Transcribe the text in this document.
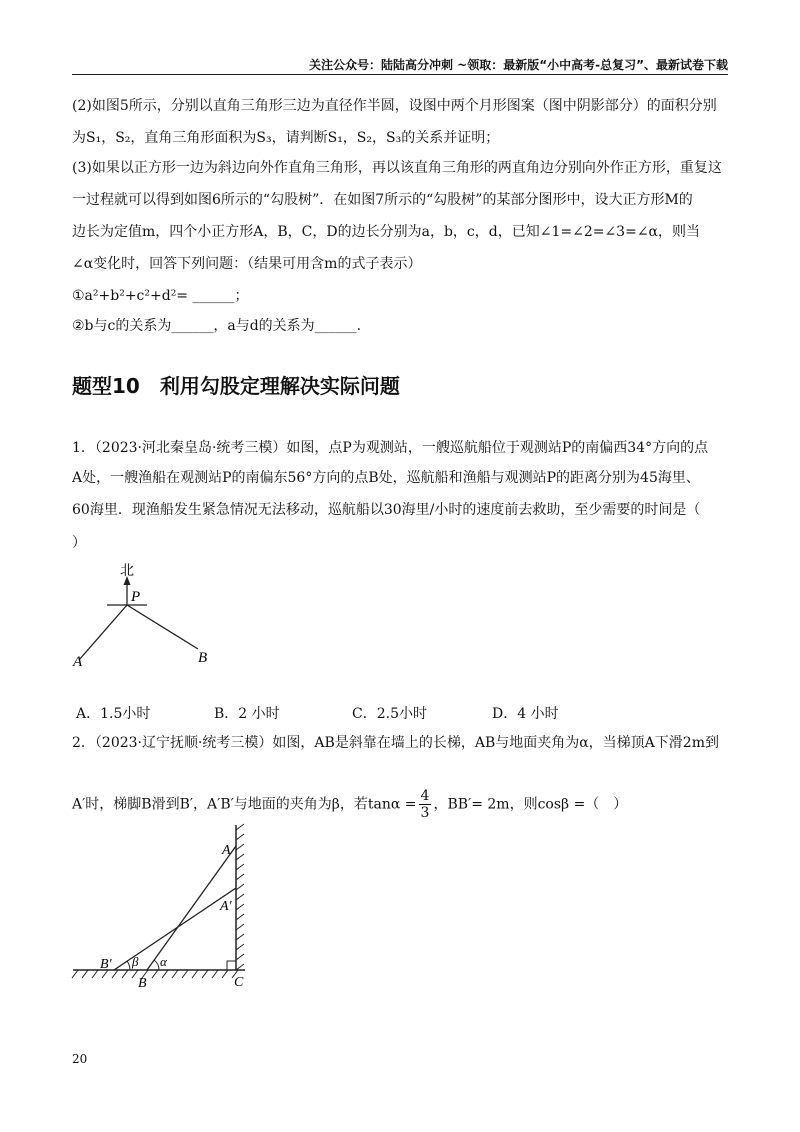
关注公众号：陆陆高分冲刺 ~领取：最新版“小中高考-总复习”、最新试卷下载
(2)如图5所示，分别以直角三角形三边为直径作半圆，设图中两个月形图案（图中阴影部分）的面积分别
为S₁，S₂，直角三角形面积为S₃，请判断S₁，S₂，S₃的关系并证明；
(3)如果以正方形一边为斜边向外作直角三角形，再以该直角三角形的两直角边分别向外作正方形，重复这
一过程就可以得到如图6所示的“勾股树”．在如图7所示的“勾股树”的某部分图形中，设大正方形M的
边长为定值m，四个小正方形A，B，C，D的边长分别为a，b，c，d，已知∠1=∠2=∠3=∠α，则当
∠α变化时，回答下列问题：（结果可用含m的式子表示）
①a²+b²+c²+d²= ______；
②b与c的关系为______，a与d的关系为______.
题型10　利用勾股定理解决实际问题
1．（2023·河北秦皇岛·统考三模）如图，点P为观测站，一艘巡航船位于观测站P的南偏西34°方向的点
A处，一艘渔船在观测站P的南偏东56°方向的点B处，巡航船和渔船与观测站P的距离分别为45海里、
60海里．现渔船发生紧急情况无法移动，巡航船以30海里/小时的速度前去救助，至少需要的时间是（
）
北
P
A	B
A．1.5小时	B．2 小时	C．2.5小时	D．4 小时
2．（2023·辽宁抚顺·统考三模）如图，AB是斜靠在墙上的长梯，AB与地面夹角为α，当梯顶A下滑2m到
A′时，梯脚B滑到B′，A′B′与地面的夹角为β，若$\tan\alpha = \frac{4}{3}$ ，BB′= 2m，则cosβ =（　）
A
A′
B′ β α
B	C
20
